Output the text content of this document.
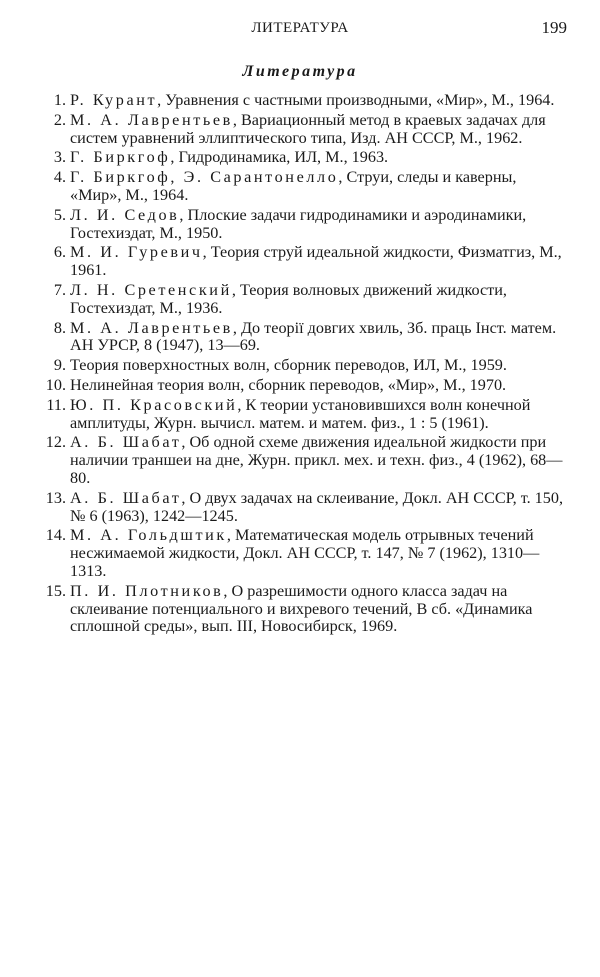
ЛИТЕРАТУРА	199
Литература
1. Р. Курант, Уравнения с частными производными, «Мир», М., 1964.
2. М. А. Лаврентьев, Вариационный метод в краевых задачах для систем уравнений эллиптического типа, Изд. АН СССР, М., 1962.
3. Г. Биркгоф, Гидродинамика, ИЛ, М., 1963.
4. Г. Биркгоф, Э. Сарантонелло, Струи, следы и каверны, «Мир», М., 1964.
5. Л. И. Седов, Плоские задачи гидродинамики и аэродинамики, Гостехиздат, М., 1950.
6. М. И. Гуревич, Теория струй идеальной жидкости, Физматгиз, М., 1961.
7. Л. Н. Сретенский, Теория волновых движений жидкости, Гостехиздат, М., 1936.
8. М. А. Лаврентьев, До теорії довгих хвиль, Зб. праць Інст. матем. АН УРСР, 8 (1947), 13—69.
9. Теория поверхностных волн, сборник переводов, ИЛ, М., 1959.
10. Нелинейная теория волн, сборник переводов, «Мир», М., 1970.
11. Ю. П. Красовский, К теории установившихся волн конечной амплитуды, Журн. вычисл. матем. и матем. физ., 1 : 5 (1961).
12. А. Б. Шабат, Об одной схеме движения идеальной жидкости при наличии траншеи на дне, Журн. прикл. мех. и техн. физ., 4 (1962), 68—80.
13. А. Б. Шабат, О двух задачах на склеивание, Докл. АН СССР, т. 150, № 6 (1963), 1242—1245.
14. М. А. Гольдштик, Математическая модель отрывных течений несжимаемой жидкости, Докл. АН СССР, т. 147, № 7 (1962), 1310—1313.
15. П. И. Плотников, О разрешимости одного класса задач на склеивание потенциального и вихревого течений, В сб. «Динамика сплошной среды», вып. III, Новосибирск, 1969.
